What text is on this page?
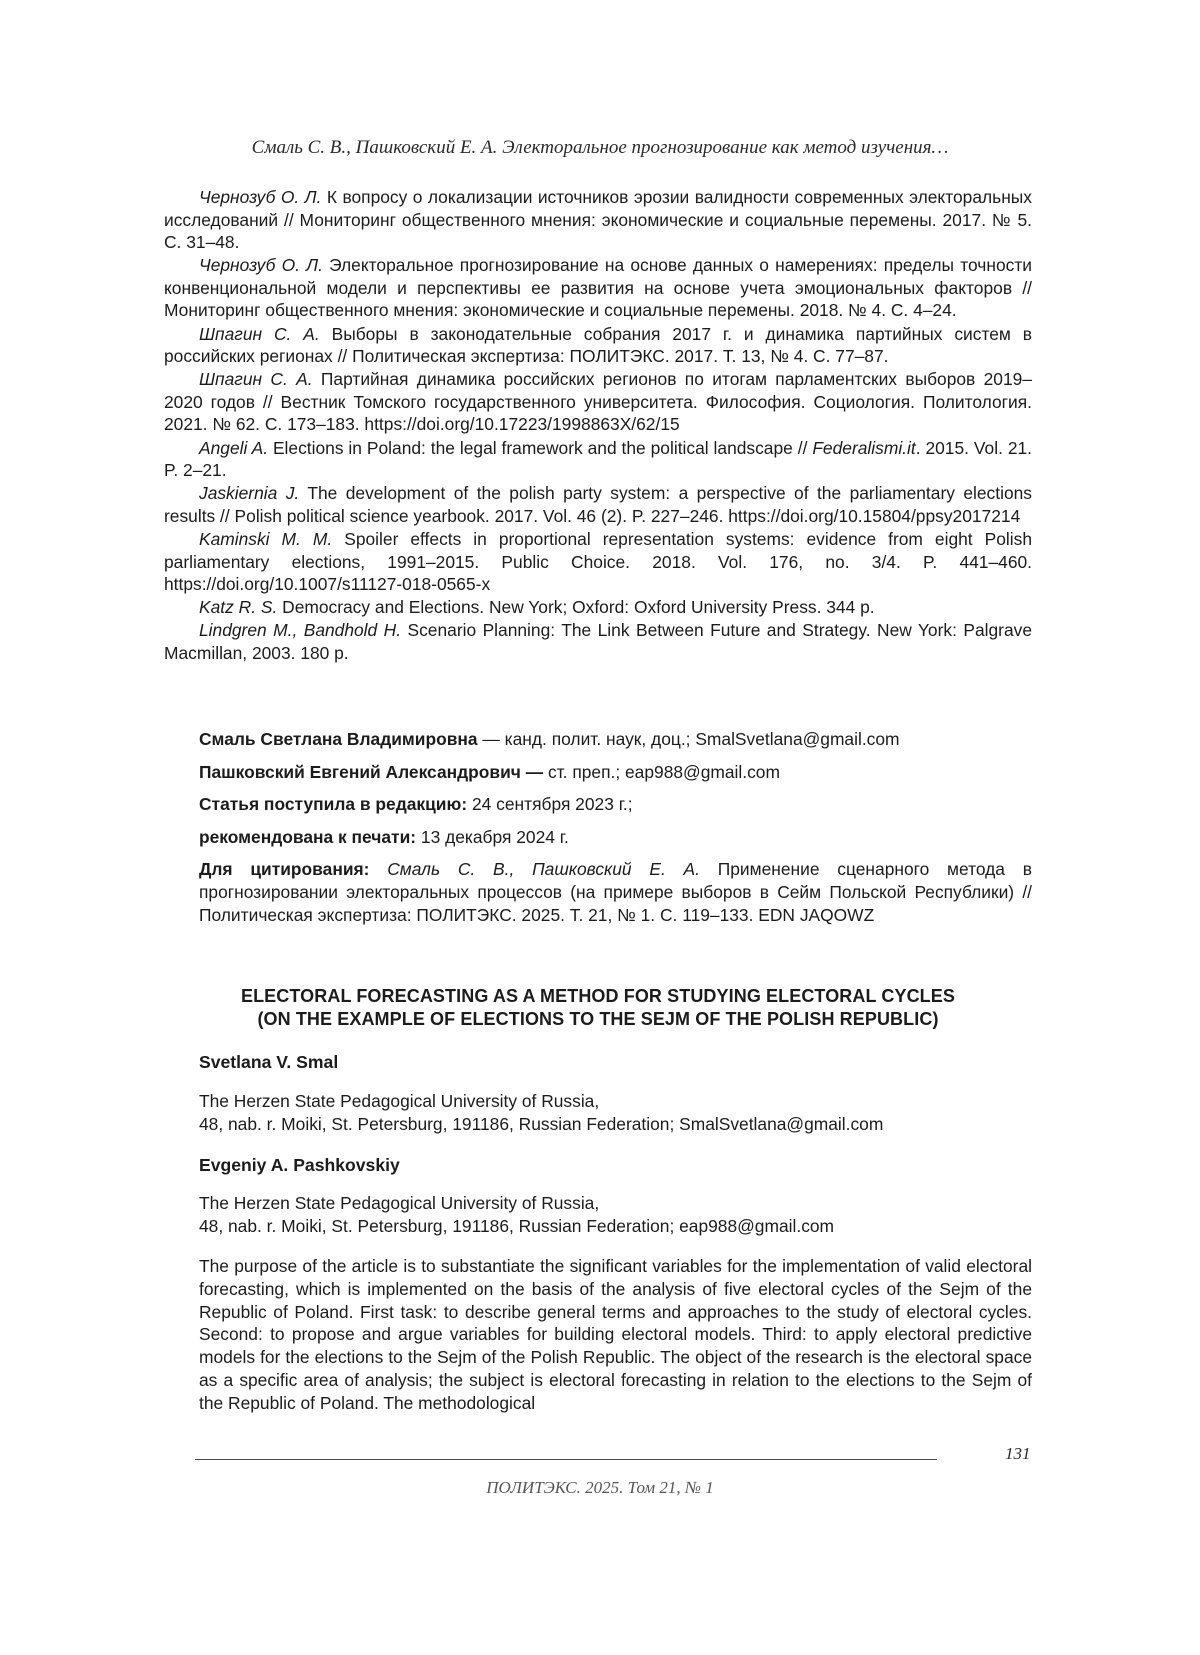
Смаль С. В., Пашковский Е. А. Электоральное прогнозирование как метод изучения…

Чернозуб О. Л. К вопросу о локализации источников эрозии валидности современных электоральных исследований // Мониторинг общественного мнения: экономические и социальные перемены. 2017. № 5. С. 31–48.

Чернозуб О. Л. Электоральное прогнозирование на основе данных о намерениях: пределы точности конвенциональной модели и перспективы ее развития на основе учета эмоциональных факторов // Мониторинг общественного мнения: экономические и социальные перемены. 2018. № 4. С. 4–24.

Шпагин С. А. Выборы в законодательные собрания 2017 г. и динамика партийных систем в российских регионах // Политическая экспертиза: ПОЛИТЭКС. 2017. Т. 13, № 4. С. 77–87.

Шпагин С. А. Партийная динамика российских регионов по итогам парламентских выборов 2019–2020 годов // Вестник Томского государственного университета. Философия. Социология. Политология. 2021. № 62. С. 173–183. https://doi.org/10.17223/1998863Х/62/15

Angeli A. Elections in Poland: the legal framework and the political landscape // Federalismi.it. 2015. Vol. 21. P. 2–21.

Jaskiernia J. The development of the polish party system: a perspective of the parliamentary elections results // Polish political science yearbook. 2017. Vol. 46 (2). P. 227–246. https://doi.org/10.15804/ppsy2017214

Kaminski M. M. Spoiler effects in proportional representation systems: evidence from eight Polish parliamentary elections, 1991–2015. Public Choice. 2018. Vol. 176, no. 3/4. P. 441–460. https://doi.org/10.1007/s11127-018-0565-x

Katz R. S. Democracy and Elections. New York; Oxford: Oxford University Press. 344 p.

Lindgren M., Bandhold H. Scenario Planning: The Link Between Future and Strategy. New York: Palgrave Macmillan, 2003. 180 p.

Смаль Светлана Владимировна — канд. полит. наук, доц.; SmalSvetlana@gmail.com

Пашковский Евгений Александрович — ст. преп.; eap988@gmail.com

Статья поступила в редакцию: 24 сентября 2023 г.;

рекомендована к печати: 13 декабря 2024 г.

Для цитирования: Смаль С. В., Пашковский Е. А. Применение сценарного метода в прогнозировании электоральных процессов (на примере выборов в Сейм Польской Республики) // Политическая экспертиза: ПОЛИТЭКС. 2025. Т. 21, № 1. С. 119–133. EDN JAQOWZ

ELECTORAL FORECASTING AS A METHOD FOR STUDYING ELECTORAL CYCLES
(ON THE EXAMPLE OF ELECTIONS TO THE SEJM OF THE POLISH REPUBLIC)
Svetlana V. Smal
The Herzen State Pedagogical University of Russia,
48, nab. r. Moiki, St. Petersburg, 191186, Russian Federation; SmalSvetlana@gmail.com
Evgeniy A. Pashkovskiy
The Herzen State Pedagogical University of Russia,
48, nab. r. Moiki, St. Petersburg, 191186, Russian Federation; eap988@gmail.com
The purpose of the article is to substantiate the significant variables for the implementation of valid electoral forecasting, which is implemented on the basis of the analysis of five electoral cycles of the Sejm of the Republic of Poland. First task: to describe general terms and approaches to the study of electoral cycles. Second: to propose and argue variables for building electoral models. Third: to apply electoral predictive models for the elections to the Sejm of the Polish Republic. The object of the research is the electoral space as a specific area of analysis; the subject is electoral forecasting in relation to the elections to the Sejm of the Republic of Poland. The methodological
131
ПОЛИТЭКС. 2025. Том 21, № 1
